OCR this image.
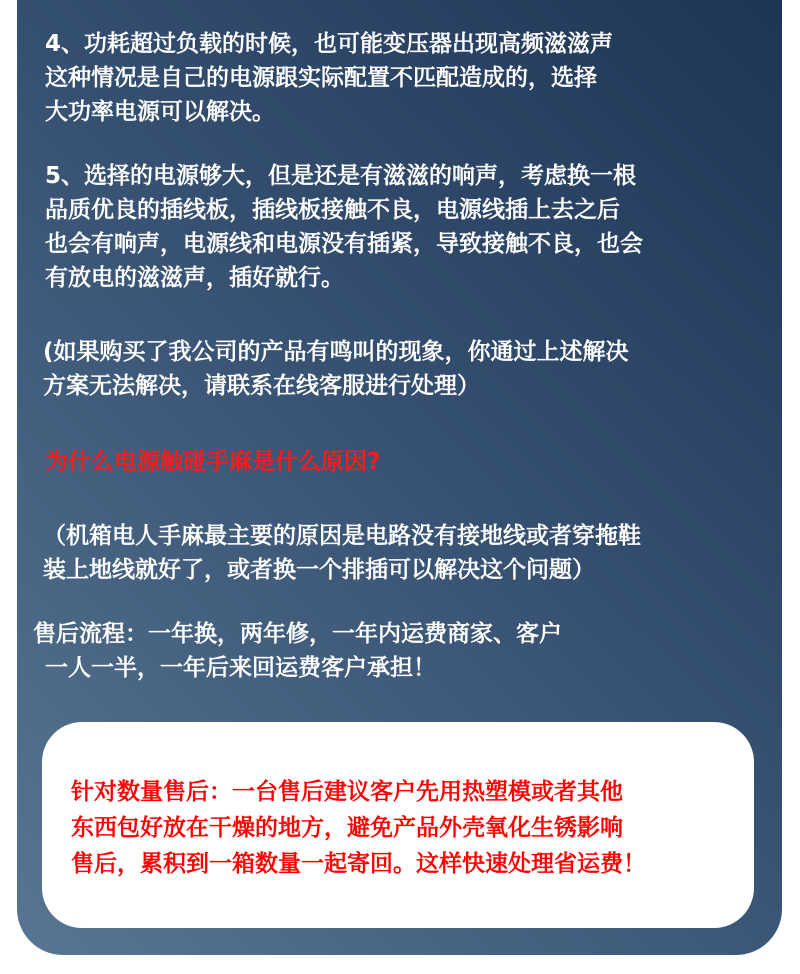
4、功耗超过负载的时候，也可能变压器出现高频滋滋声
这种情况是自己的电源跟实际配置不匹配造成的，选择
大功率电源可以解决。

5、选择的电源够大，但是还是有滋滋的响声，考虑换一根
品质优良的插线板，插线板接触不良，电源线插上去之后
也会有响声，电源线和电源没有插紧，导致接触不良，也会
有放电的滋滋声，插好就行。

(如果购买了我公司的产品有鸣叫的现象，你通过上述解决
方案无法解决，请联系在线客服进行处理）

为什么电源触碰手麻是什么原因?

（机箱电人手麻最主要的原因是电路没有接地线或者穿拖鞋
装上地线就好了，或者换一个排插可以解决这个问题）

售后流程：一年换，两年修，一年内运费商家、客户
一人一半，一年后来回运费客户承担！

针对数量售后：一台售后建议客户先用热塑模或者其他
东西包好放在干燥的地方，避免产品外壳氧化生锈影响
售后，累积到一箱数量一起寄回。这样快速处理省运费！
